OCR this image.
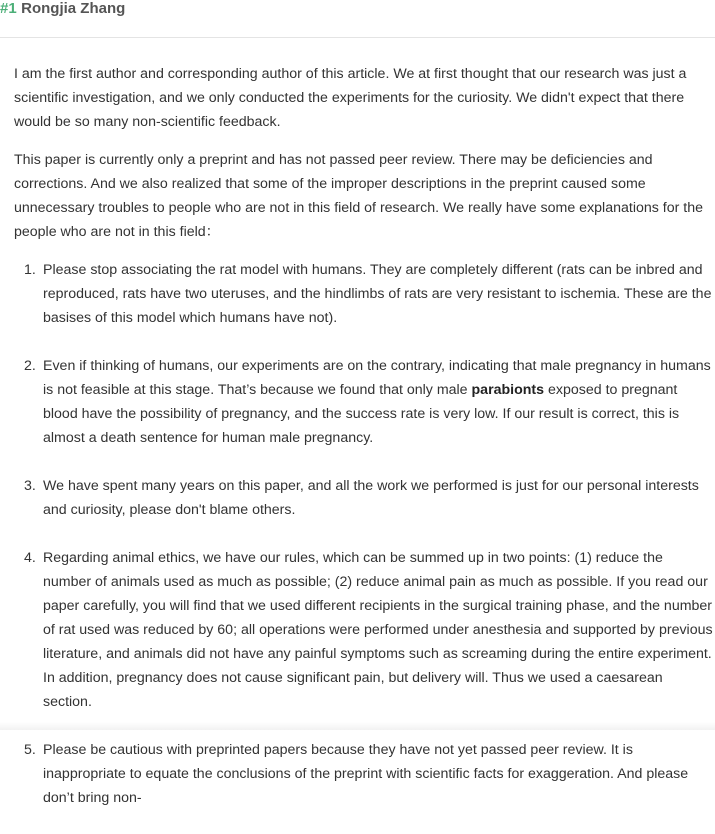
#1 Rongjia Zhang

I am the first author and corresponding author of this article. We at first thought that our research was just a scientific investigation, and we only conducted the experiments for the curiosity. We didn't expect that there would be so many non-scientific feedback.

This paper is currently only a preprint and has not passed peer review. There may be deficiencies and corrections. And we also realized that some of the improper descriptions in the preprint caused some unnecessary troubles to people who are not in this field of research. We really have some explanations for the people who are not in this field：

1. Please stop associating the rat model with humans. They are completely different (rats can be inbred and reproduced, rats have two uteruses, and the hindlimbs of rats are very resistant to ischemia. These are the basises of this model which humans have not).
2. Even if thinking of humans, our experiments are on the contrary, indicating that male pregnancy in humans is not feasible at this stage. That’s because we found that only male parabionts exposed to pregnant blood have the possibility of pregnancy, and the success rate is very low. If our result is correct, this is almost a death sentence for human male pregnancy.
3. We have spent many years on this paper, and all the work we performed is just for our personal interests and curiosity, please don't blame others.
4. Regarding animal ethics, we have our rules, which can be summed up in two points: (1) reduce the number of animals used as much as possible; (2) reduce animal pain as much as possible. If you read our paper carefully, you will find that we used different recipients in the surgical training phase, and the number of rat used was reduced by 60; all operations were performed under anesthesia and supported by previous literature, and animals did not have any painful symptoms such as screaming during the entire experiment. In addition, pregnancy does not cause significant pain, but delivery will. Thus we used a caesarean section.
5. Please be cautious with preprinted papers because they have not yet passed peer review. It is inappropriate to equate the conclusions of the preprint with scientific facts for exaggeration. And please don’t bring non-
